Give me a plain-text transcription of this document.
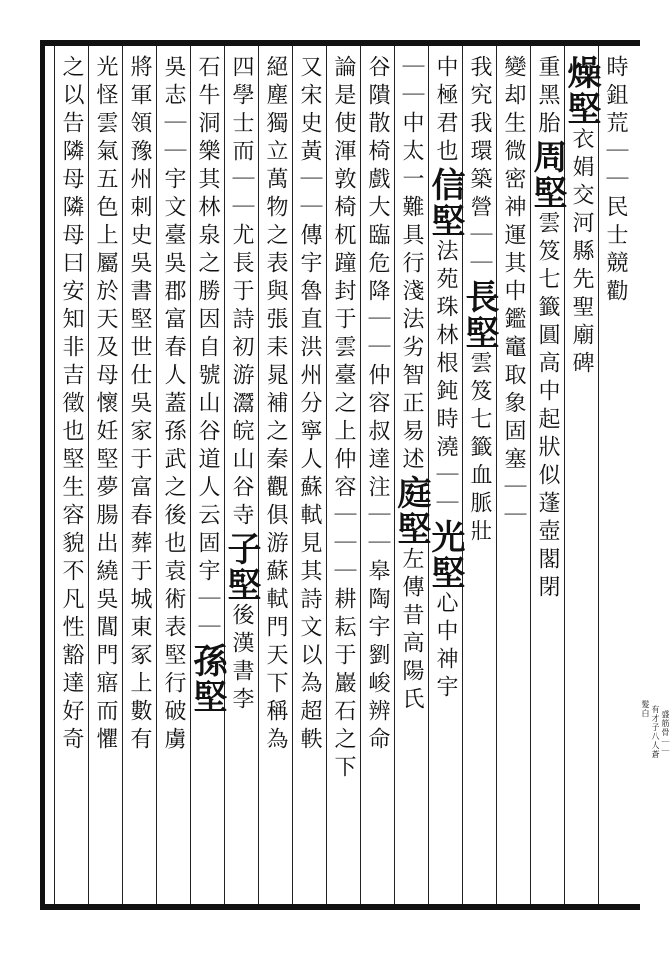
時鉏荒｜｜民士競勸
燥堅衣娟交河縣先聖廟碑
重黑胎周堅雲笈七籤圓高中起狀似蓬壺閣閉
變却生微密神運其中鑑竈取象固塞｜｜
我究我環築營｜｜長堅雲笈七籤血脈壯
中極君也信堅法苑珠林根鈍時澆｜｜光堅心中神宇
｜｜中太一難具行淺法劣智正易述庭堅左傳昔高陽氏
谷隤散椅戲大臨危降｜｜仲容叔達注｜｜皋陶宇劉峻辨命
論是使渾敦椅杌蹱封于雲臺之上仲容｜｜｜耕耘于巖石之下
又宋史黃｜｜傳宇魯直洪州分寧人蘇軾見其詩文以為超軼
絕塵獨立萬物之表與張耒晁補之秦觀俱游蘇軾門天下稱為
四學士而｜｜尤長于詩初游灊皖山谷寺子堅後漢書李
石牛洞樂其林泉之勝因自號山谷道人云固宇｜｜孫堅
吳志｜｜宇文臺吳郡富春人蓋孫武之後也袁術表堅行破虜
將軍領豫州刺史吳書堅世仕吳家于富春葬于城東冢上數有
光怪雲氣五色上屬於天及母懷妊堅夢腸出繞吳閶門寤而懼
之以告隣母隣母曰安知非吉徵也堅生容貌不凡性豁達好奇	髮白 有才子八人蒼 盛筋骨｜｜
